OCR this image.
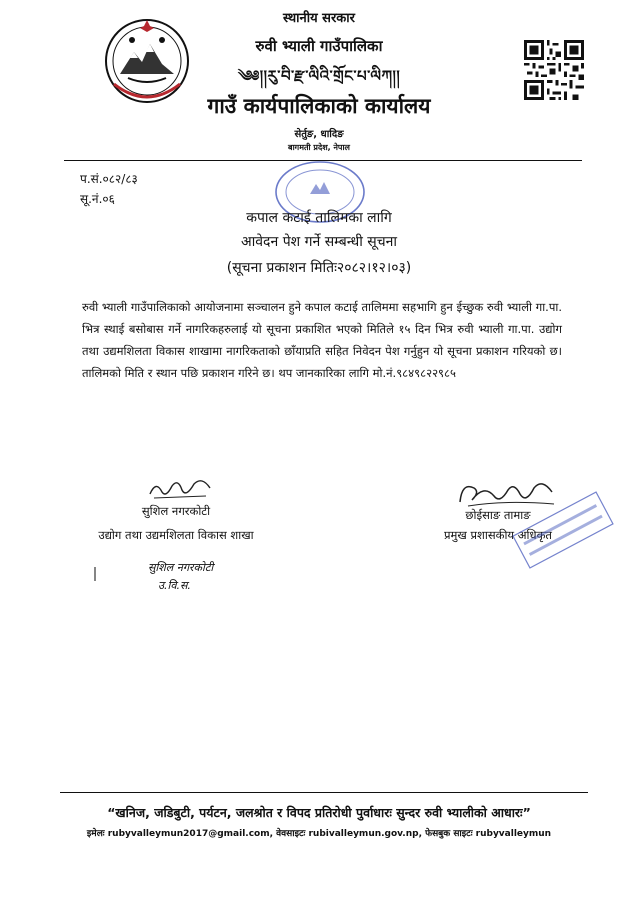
स्थानीय सरकार
रुवी भ्याली गाउँपालिका
༄༅།།རུ་བི་རྫ་ལིའི་གྲོང་པ་ལིཀ།།
गाउँ कार्यपालिकाको कार्यालय
सेर्तुङ, धादिङ
बागमती प्रदेश, नेपाल
प.सं.०८२/८३
सू.नं.०६
कपाल कटाई तालिमका लागि
आवेदन पेश गर्ने सम्बन्धी सूचना
(सूचना प्रकाशन मितिः२०८२।१२।०३)
रुवी भ्याली गाउँपालिकाको आयोजनामा सञ्चालन हुने कपाल कटाई तालिममा सहभागि हुन ईच्छुक रुवी भ्याली गा.पा. भित्र स्थाई बसोबास गर्ने नागरिकहरुलाई यो सूचना प्रकाशित भएको मितिले १५ दिन भित्र रुवी भ्याली गा.पा. उद्योग तथा उद्यमशिलता विकास शाखामा नागरिकताको छाँयाप्रति सहित निवेदन पेश गर्नुहुन यो सूचना प्रकाशन गरियको छ। तालिमको मिति र स्थान पछि प्रकाशन गरिने छ। थप जानकारिका लागि मो.नं.९८४९८२२९८५
सुशिल नगरकोटी
उद्योग तथा उद्यमशिलता विकास शाखा
सुशिल नगरकोटी
उ.वि.स.
छोईसाङ तामाङ
प्रमुख प्रशासकीय अधिकृत
“खनिज, जडिबुटी, पर्यटन, जलश्रोत र विपद प्रतिरोधी पुर्वाधारः सुन्दर रुवी भ्यालीको आधारः”
इमेलः rubyvalleymun2017@gmail.com, वेवसाइटः rubivalleymun.gov.np, फेसबुक साइटः rubyvalleymun
